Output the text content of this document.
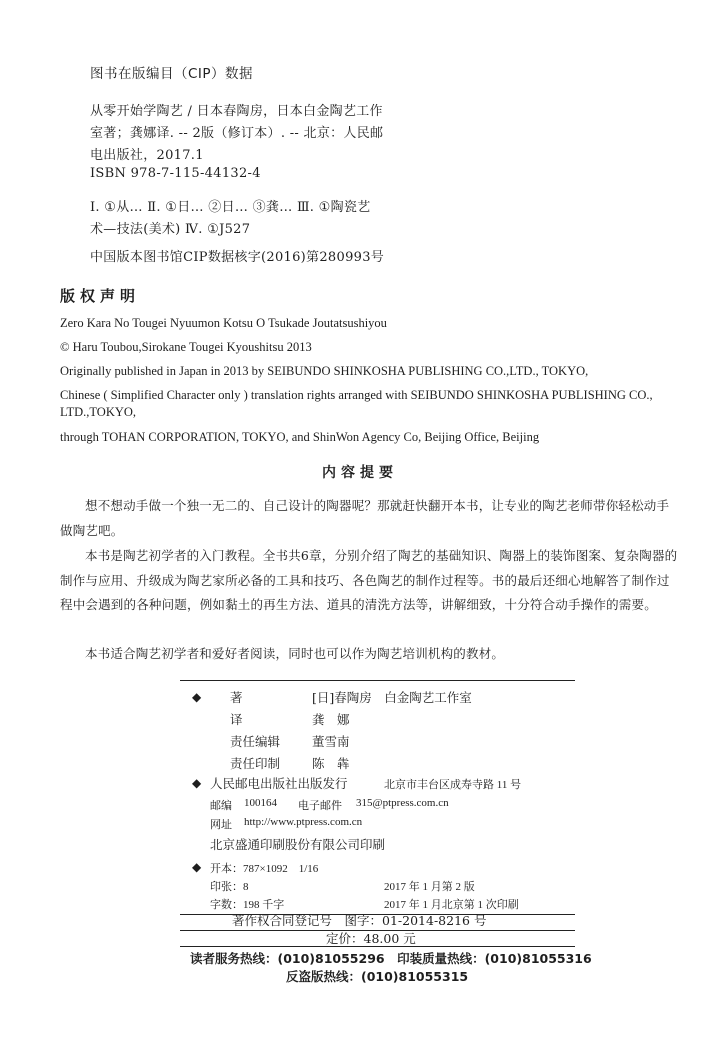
图书在版编目（CIP）数据
从零开始学陶艺 / 日本春陶房，日本白金陶艺工作
室著；龚娜译. -- 2版（修订本）. -- 北京：人民邮
电出版社，2017.1
ISBN 978-7-115-44132-4
Ⅰ. ①从… Ⅱ. ①日… ②日… ③龚… Ⅲ. ①陶瓷艺
术—技法(美术) Ⅳ. ①J527
中国版本图书馆CIP数据核字(2016)第280993号
版权声明
Zero Kara No Tougei Nyuumon Kotsu O Tsukade Joutatsushiyou
© Haru Toubou,Sirokane Tougei Kyoushitsu 2013
Originally published in Japan in 2013 by SEIBUNDO SHINKOSHA PUBLISHING CO.,LTD., TOKYO,
Chinese ( Simplified Character only ) translation rights arranged with SEIBUNDO SHINKOSHA PUBLISHING CO.,
LTD.,TOKYO,
through TOHAN CORPORATION, TOKYO, and ShinWon Agency Co, Beijing Office, Beijing
内容提要
想不想动手做一个独一无二的、自己设计的陶器呢？那就赶快翻开本书，让专业的陶艺老师带你轻松动手做陶艺吧。
本书是陶艺初学者的入门教程。全书共6章，分别介绍了陶艺的基础知识、陶器上的装饰图案、复杂陶器的制作与应用、升级成为陶艺家所必备的工具和技巧、各色陶艺的制作过程等。书的最后还细心地解答了制作过程中会遇到的各种问题，例如黏土的再生方法、道具的清洗方法等，讲解细致，十分符合动手操作的需要。
本书适合陶艺初学者和爱好者阅读，同时也可以作为陶艺培训机构的教材。
◆ 著	[日]春陶房　白金陶艺工作室
译	龚　娜
责任编辑	董雪南
责任印制	陈　犇
◆ 人民邮电出版社出版发行	北京市丰台区成寿寺路 11 号
邮编 100164 电子邮件 315@ptpress.com.cn
网址 http://www.ptpress.com.cn
北京盛通印刷股份有限公司印刷
◆ 开本：787×1092　1/16
印张：8	2017 年 1 月第 2 版
字数：198 千字	2017 年 1 月北京第 1 次印刷
著作权合同登记号　图字：01-2014-8216 号
定价：48.00 元
读者服务热线：(010)81055296　印装质量热线：(010)81055316
反盗版热线：(010)81055315
